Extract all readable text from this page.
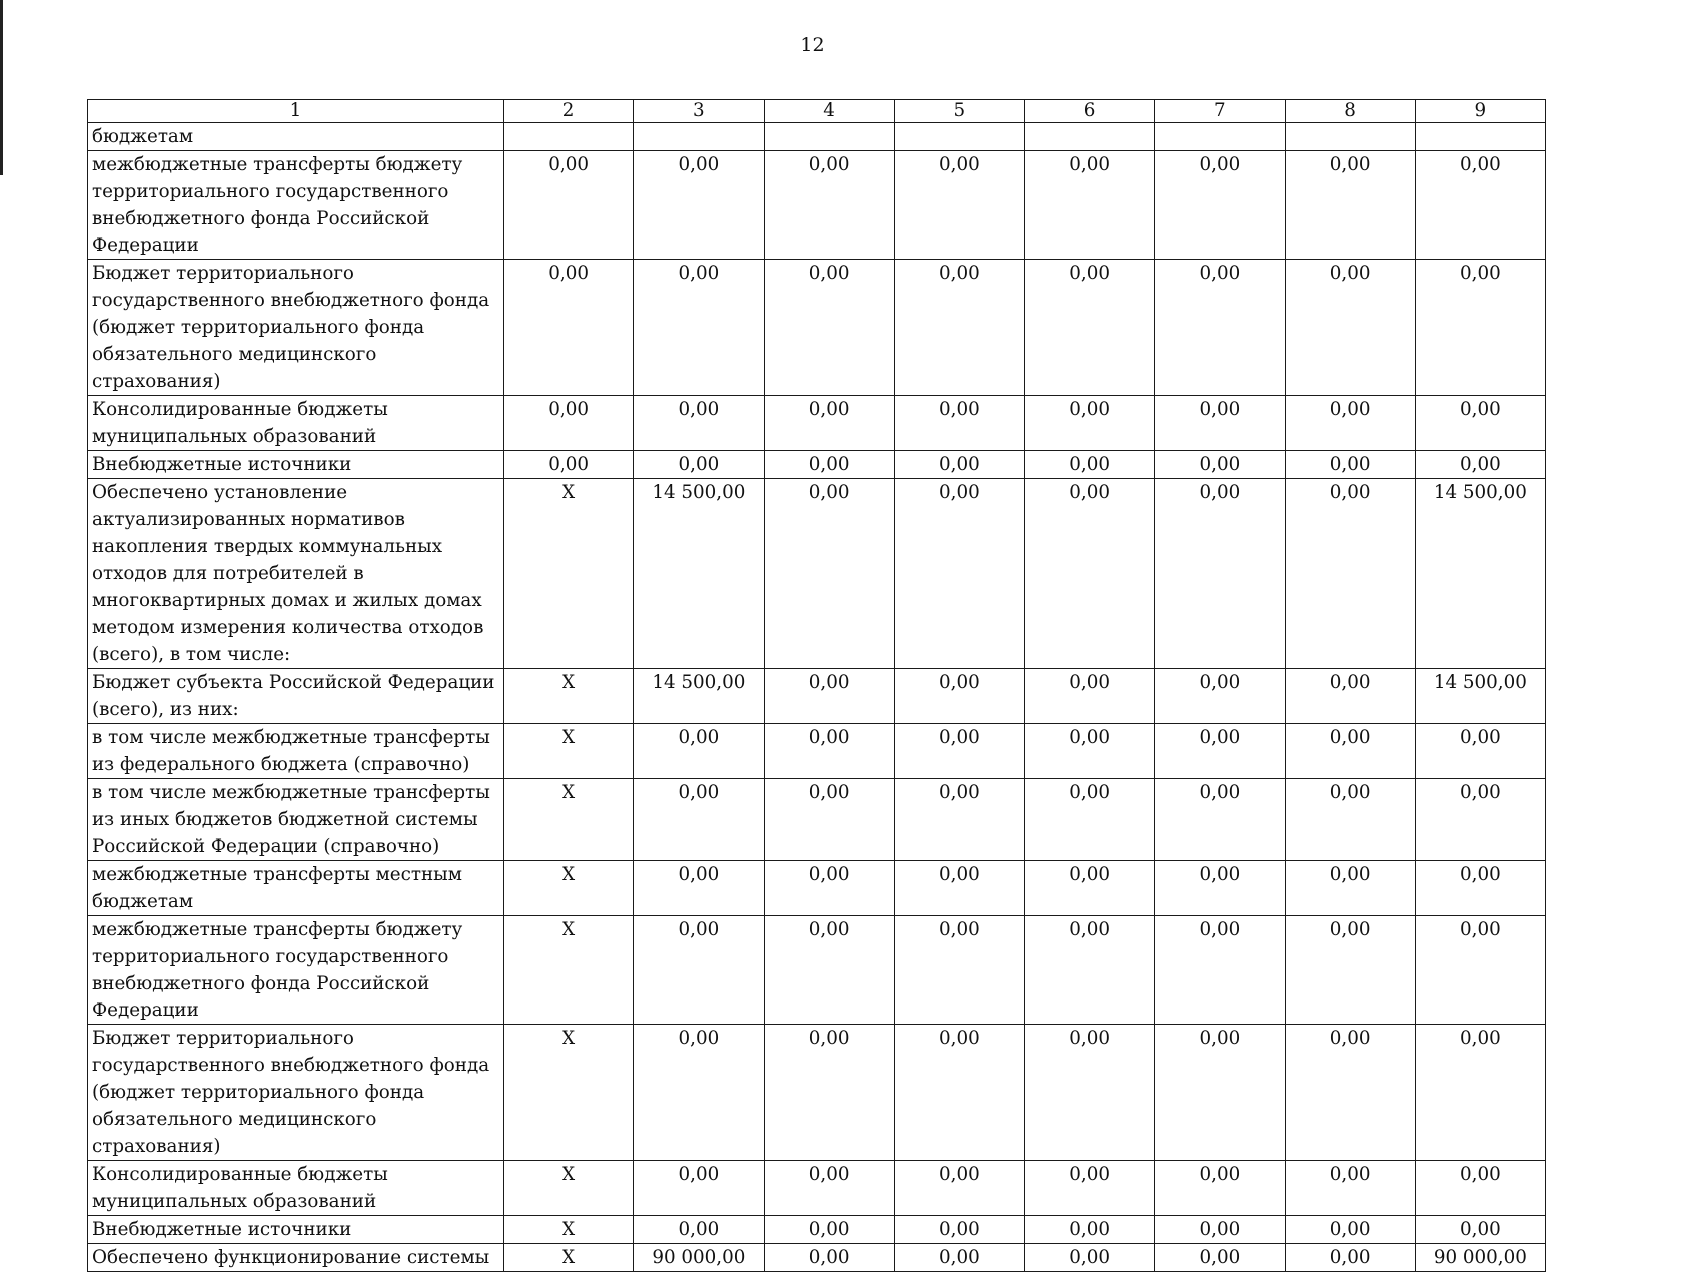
12
1	2	3	4	5	6	7	8	9
бюджетам								
межбюджетные трансферты бюджету территориального государственного внебюджетного фонда Российской Федерации	0,00	0,00	0,00	0,00	0,00	0,00	0,00	0,00
Бюджет территориального государственного внебюджетного фонда (бюджет территориального фонда обязательного медицинского страхования)	0,00	0,00	0,00	0,00	0,00	0,00	0,00	0,00
Консолидированные бюджеты муниципальных образований	0,00	0,00	0,00	0,00	0,00	0,00	0,00	0,00
Внебюджетные источники	0,00	0,00	0,00	0,00	0,00	0,00	0,00	0,00
Обеспечено установление актуализированных нормативов накопления твердых коммунальных отходов для потребителей в многоквартирных домах и жилых домах методом измерения количества отходов (всего), в том числе:	X	14 500,00	0,00	0,00	0,00	0,00	0,00	14 500,00
Бюджет субъекта Российской Федерации (всего), из них:	X	14 500,00	0,00	0,00	0,00	0,00	0,00	14 500,00
в том числе межбюджетные трансферты из федерального бюджета (справочно)	X	0,00	0,00	0,00	0,00	0,00	0,00	0,00
в том числе межбюджетные трансферты из иных бюджетов бюджетной системы Российской Федерации (справочно)	X	0,00	0,00	0,00	0,00	0,00	0,00	0,00
межбюджетные трансферты местным бюджетам	X	0,00	0,00	0,00	0,00	0,00	0,00	0,00
межбюджетные трансферты бюджету территориального государственного внебюджетного фонда Российской Федерации	X	0,00	0,00	0,00	0,00	0,00	0,00	0,00
Бюджет территориального государственного внебюджетного фонда (бюджет территориального фонда обязательного медицинского страхования)	X	0,00	0,00	0,00	0,00	0,00	0,00	0,00
Консолидированные бюджеты муниципальных образований	X	0,00	0,00	0,00	0,00	0,00	0,00	0,00
Внебюджетные источники	X	0,00	0,00	0,00	0,00	0,00	0,00	0,00
Обеспечено функционирование системы	X	90 000,00	0,00	0,00	0,00	0,00	0,00	90 000,00
